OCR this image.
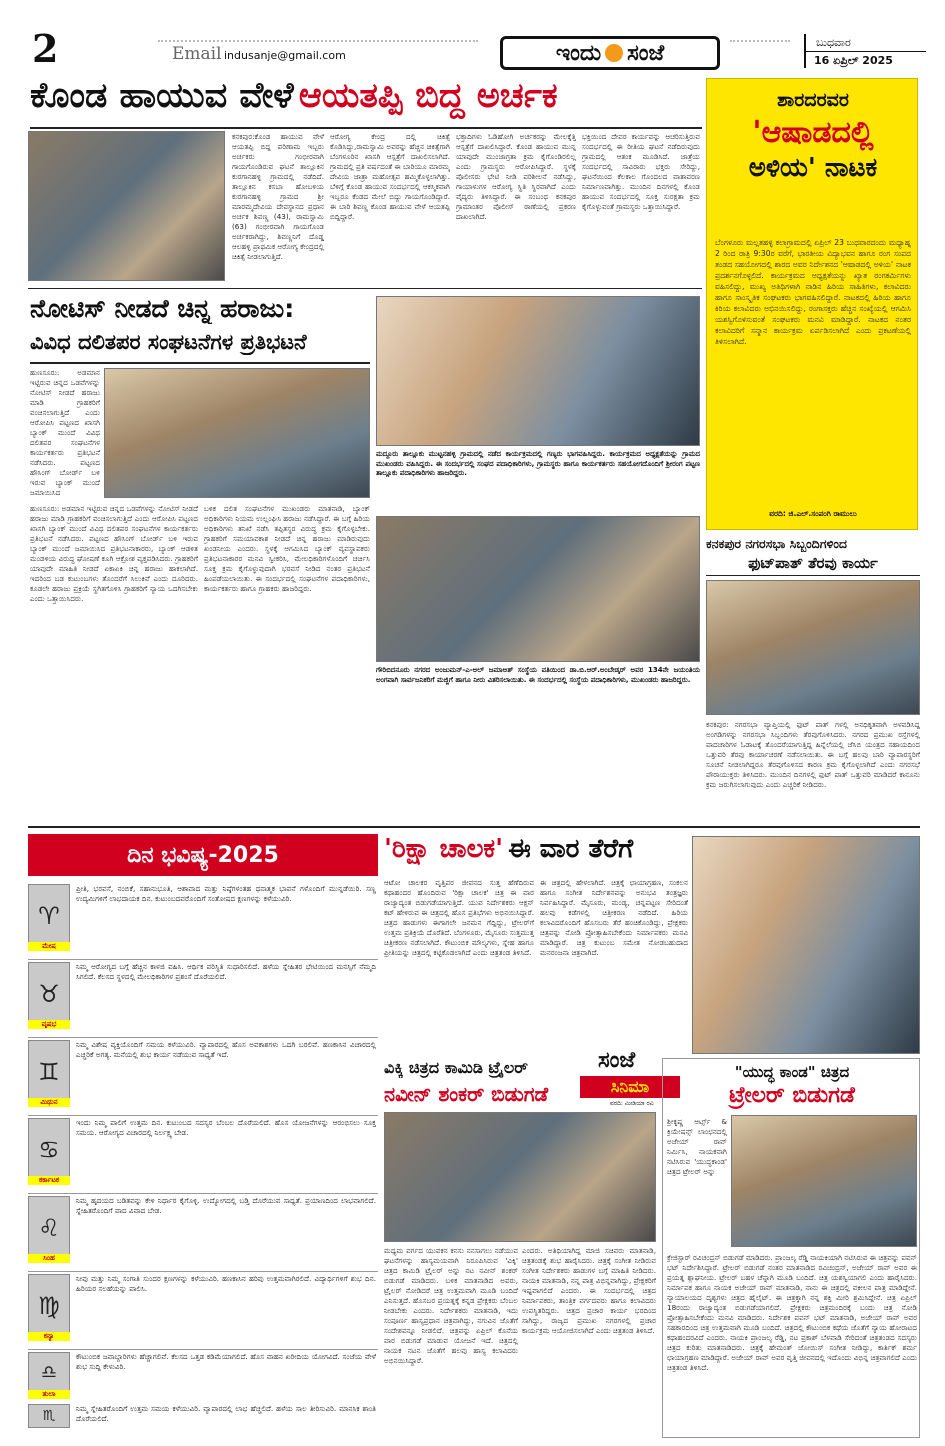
2	Email indusanje@gmail.com	ಇಂದು ಸಂಜೆ	ಬುಧವಾರ
16 ಏಪ್ರಿಲ್ 2025
ಕೊಂಡ ಹಾಯುವ ವೇಳೆ ಆಯತಪ್ಪಿ ಬಿದ್ದ ಅರ್ಚಕ
ಕನಕಪುರ:ಕೊಂಡ ಹಾಯುವ ವೇಳೆ ಆಯತಪ್ಪಿ ಬಿದ್ದ ಪರಿಣಾಮ ಇಬ್ಬರು ಅರ್ಚಕರು ಗಂಭೀರವಾಗಿ ಗಾಯಗೊಂಡಿರುವ ಘಟನೆ ತಾಲ್ಲೂಕಿನ ಕುರಗಾನಹಳ್ಳಿ ಗ್ರಾಮದಲ್ಲಿ ನಡೆದಿದೆ. ತಾಲ್ಲೂಕಿನ ಕಸಬಾ ಹೋಬಳಿಯ ಕುರಗಾನಹಳ್ಳಿ ಗ್ರಾಮದ ಶ್ರೀ ಮಾರಮ್ಮದೇವಿಯ ದೇವಸ್ಥಾನದ ಪ್ರಧಾನ ಅರ್ಚಕ ಶಿವಣ್ಣ (43), ರಾಮಸ್ವಾಮಿ (63) ಗಂಭೀರವಾಗಿ ಗಾಯಗೊಂಡ ಅರ್ಚಕರಾಗಿದ್ದು, ಶಿವಣ್ಣನಿಗೆ ದೊಡ್ಡ ಆಲಹಳ್ಳಿ ಪ್ರಾಥಮಿಕ ಆರೋಗ್ಯ ಕೇಂದ್ರದಲ್ಲಿ ಚಿಕಿತ್ಸೆ ನೀಡಲಾಗುತ್ತಿದೆ.
ಆರೋಗ್ಯ ಕೇಂದ್ರ ದಲ್ಲಿ ಚಿಕಿತ್ಸೆ ಕೊಡಿಸಿದ್ದು,ರಾಮಸ್ವಾಮಿ ಅವರನ್ನು ಹೆಚ್ಚಿನ ಚಿಕಿತ್ಸೆಗಾಗಿ ಬೆಂಗಳೂರಿನ ಖಾಸಗಿ ಆಸ್ಪತ್ರೆಗೆ ದಾಖಲಿಸಲಾಗಿದೆ. ಗ್ರಾಮದಲ್ಲಿ ಪ್ರತಿ ವರ್ಷದಂತೆ ಈ ಬಾರಿಯೂ ಮಾರಮ್ಮ ದೇವಿಯ ಜಾತ್ರಾ ಮಹೋತ್ಸವ ಹಮ್ಮಿಕೊಳ್ಳಲಾಗಿತ್ತು. ಬೆಳಿಗ್ಗೆ ಕೊಂಡ ಹಾಯುವ ಸಂದರ್ಭದಲ್ಲಿ ಆಕಸ್ಮಿಕವಾಗಿ ಇಬ್ಬರೂ ಕೆಂಡದ ಮೇಲೆ ಬಿದ್ದು ಗಾಯಗೊಂಡಿದ್ದಾರೆ. ಈ ಬಾರಿ ಶಿವಣ್ಣ ಕೊಂಡ ಹಾಯುವ ವೇಳೆ ಆಯತಪ್ಪಿ ಬಿದ್ದಿದ್ದಾರೆ.
ಭಕ್ತಾದಿಗಳು ಓಡಿಹೋಗಿ ಅರ್ಚಕರನ್ನು ಮೇಲಕ್ಕೆತ್ತಿ ಆಸ್ಪತ್ರೆಗೆ ದಾಖಲಿಸಿದ್ದಾರೆ. ಕೊಂಡ ಹಾಯುವ ಮುನ್ನ ಯಾವುದೇ ಮುಂಜಾಗ್ರತಾ ಕ್ರಮ ಕೈಗೊಂಡಿರಲಿಲ್ಲ ಎಂದು ಗ್ರಾಮಸ್ಥರು ಆರೋಪಿಸಿದ್ದಾರೆ. ಸ್ಥಳಕ್ಕೆ ಪೊಲೀಸರು ಭೇಟಿ ನೀಡಿ ಪರಿಶೀಲನೆ ನಡೆಸಿದ್ದು, ಗಾಯಾಳುಗಳ ಆರೋಗ್ಯ ಸ್ಥಿತಿ ಸ್ಥಿರವಾಗಿದೆ ಎಂದು ವೈದ್ಯರು ತಿಳಿಸಿದ್ದಾರೆ. ಈ ಸಂಬಂಧ ಕನಕಪುರ ಗ್ರಾಮಾಂತರ ಪೊಲೀಸ್ ಠಾಣೆಯಲ್ಲಿ ಪ್ರಕರಣ ದಾಖಲಾಗಿದೆ.
ಭಕ್ತಿಯಿಂದ ದೇವರ ಕಾರ್ಯವನ್ನು ಆಚರಿಸುತ್ತಿರುವ ಸಂದರ್ಭದಲ್ಲಿ ಈ ರೀತಿಯ ಘಟನೆ ನಡೆದಿರುವುದು ಗ್ರಾಮದಲ್ಲಿ ಆತಂಕ ಮೂಡಿಸಿದೆ. ಜಾತ್ರೆಯ ಸಂದರ್ಭದಲ್ಲಿ ಸಾವಿರಾರು ಭಕ್ತರು ಸೇರಿದ್ದು, ಘಟನೆಯಿಂದ ಕೆಲಕಾಲ ಗೊಂದಲದ ವಾತಾವರಣ ನಿರ್ಮಾಣವಾಗಿತ್ತು. ಮುಂದಿನ ದಿನಗಳಲ್ಲಿ ಕೊಂಡ ಹಾಯುವ ಸಂದರ್ಭದಲ್ಲಿ ಸೂಕ್ತ ಸುರಕ್ಷತಾ ಕ್ರಮ ಕೈಗೊಳ್ಳುವಂತೆ ಗ್ರಾಮಸ್ಥರು ಒತ್ತಾಯಿಸಿದ್ದಾರೆ.
ಶಾರದರವರ
'ಆಷಾಡದಲ್ಲಿ
ಅಳಿಯ' ನಾಟಕ
ಬೆಂಗಳೂರು ಮಲ್ಲತಹಳ್ಳಿ ಕಲಾಗ್ರಾಮದಲ್ಲಿ ಏಪ್ರಿಲ್ 23 ಬುಧವಾರದಂದು ಮಧ್ಯಾಹ್ನ 2 ರಿಂದ ರಾತ್ರಿ 9:30ರ ವರೆಗೆ, ಭಾರತೀಯ ವಿದ್ಯಾಭವನ ಹಾಗೂ ರಂಗ ಸಂಪದ ತಂಡದ ಸಹಯೋಗದಲ್ಲಿ ಶಾರದ ಅವರ ನಿರ್ದೇಶನದ 'ಆಷಾಡದಲ್ಲಿ ಅಳಿಯ' ನಾಟಕ ಪ್ರದರ್ಶನಗೊಳ್ಳಲಿದೆ. ಕಾರ್ಯಕ್ರಮದ ಅಧ್ಯಕ್ಷತೆಯನ್ನು ಖ್ಯಾತ ರಂಗಕರ್ಮಿಗಳು ವಹಿಸಲಿದ್ದು, ಮುಖ್ಯ ಅತಿಥಿಗಳಾಗಿ ನಾಡಿನ ಹಿರಿಯ ಸಾಹಿತಿಗಳು, ಕಲಾವಿದರು ಹಾಗೂ ಸಾಂಸ್ಕೃತಿಕ ಸಂಘಟಕರು ಭಾಗವಹಿಸಲಿದ್ದಾರೆ. ನಾಟಕದಲ್ಲಿ ಹಿರಿಯ ಹಾಗೂ ಕಿರಿಯ ಕಲಾವಿದರು ಅಭಿನಯಿಸಲಿದ್ದು, ರಂಗಾಸಕ್ತರು ಹೆಚ್ಚಿನ ಸಂಖ್ಯೆಯಲ್ಲಿ ಆಗಮಿಸಿ ಯಶಸ್ವಿಗೊಳಿಸುವಂತೆ ಸಂಘಟಕರು ಮನವಿ ಮಾಡಿದ್ದಾರೆ. ನಾಟಕದ ನಂತರ ಕಲಾವಿದರಿಗೆ ಸನ್ಮಾನ ಕಾರ್ಯಕ್ರಮ ಏರ್ಪಡಿಸಲಾಗಿದೆ ಎಂದು ಪ್ರಕಟಣೆಯಲ್ಲಿ ತಿಳಿಸಲಾಗಿದೆ.
ವರದಿ: ಜಿ.ಎಲ್.ಸಂಪಂಗಿ ರಾಮುಲು
ನೋಟಿಸ್ ನೀಡದೆ ಚಿನ್ನ ಹರಾಜು:
ವಿವಿಧ ದಲಿತಪರ ಸಂಘಟನೆಗಳ ಪ್ರತಿಭಟನೆ
ಹುಣಸೂರು: ಅಡಮಾನ ಇಟ್ಟಿರುವ ಚಿನ್ನದ ಒಡವೆಗಳನ್ನು ನೋಟಿಸ್ ನೀಡದೆ ಹರಾಜು ಮಾಡಿ ಗ್ರಾಹಕರಿಗೆ ವಂಚಿಸಲಾಗುತ್ತಿದೆ ಎಂದು ಆರೋಪಿಸಿ ಪಟ್ಟಣದ ಖಾಸಗಿ ಬ್ಯಾಂಕ್ ಮುಂದೆ ವಿವಿಧ ದಲಿತಪರ ಸಂಘಟನೆಗಳ ಕಾರ್ಯಕರ್ತರು ಪ್ರತಿಭಟನೆ ನಡೆಸಿದರು. ಪಟ್ಟಣದ ಹೌಸಿಂಗ್ ಬೋರ್ಡ್ ಬಳಿ ಇರುವ ಬ್ಯಾಂಕ್ ಮುಂದೆ ಜಮಾಯಿಸಿದ
ಹುಣಸೂರು: ಅಡಮಾನ ಇಟ್ಟಿರುವ ಚಿನ್ನದ ಒಡವೆಗಳನ್ನು ನೋಟಿಸ್ ನೀಡದೆ ಹರಾಜು ಮಾಡಿ ಗ್ರಾಹಕರಿಗೆ ವಂಚಿಸಲಾಗುತ್ತಿದೆ ಎಂದು ಆರೋಪಿಸಿ ಪಟ್ಟಣದ ಖಾಸಗಿ ಬ್ಯಾಂಕ್ ಮುಂದೆ ವಿವಿಧ ದಲಿತಪರ ಸಂಘಟನೆಗಳ ಕಾರ್ಯಕರ್ತರು ಪ್ರತಿಭಟನೆ ನಡೆಸಿದರು. ಪಟ್ಟಣದ ಹೌಸಿಂಗ್ ಬೋರ್ಡ್ ಬಳಿ ಇರುವ ಬ್ಯಾಂಕ್ ಮುಂದೆ ಜಮಾಯಿಸಿದ ಪ್ರತಿಭಟನಾಕಾರರು, ಬ್ಯಾಂಕ್ ಆಡಳಿತ ಮಂಡಳಿಯ ವಿರುದ್ಧ ಘೋಷಣೆ ಕೂಗಿ ಆಕ್ರೋಶ ವ್ಯಕ್ತಪಡಿಸಿದರು. ಗ್ರಾಹಕರಿಗೆ ಯಾವುದೇ ಮಾಹಿತಿ ನೀಡದೆ ಏಕಾಏಕಿ ಚಿನ್ನ ಹರಾಜು ಹಾಕಲಾಗಿದೆ. ಇದರಿಂದ ಬಡ ಕುಟುಂಬಗಳು ತೊಂದರೆಗೆ ಸಿಲುಕಿವೆ ಎಂದು ದೂರಿದರು. ಕೂಡಲೇ ಹರಾಜು ಪ್ರಕ್ರಿಯೆ ಸ್ಥಗಿತಗೊಳಿಸಿ ಗ್ರಾಹಕರಿಗೆ ನ್ಯಾಯ ಒದಗಿಸಬೇಕು ಎಂದು ಒತ್ತಾಯಿಸಿದರು.
ಬಳಿಕ ದಲಿತ ಸಂಘಟನೆಗಳ ಮುಖಂಡರು ಮಾತನಾಡಿ, ಬ್ಯಾಂಕ್ ಅಧಿಕಾರಿಗಳು ನಿಯಮ ಉಲ್ಲಂಘಿಸಿ ಹರಾಜು ನಡೆಸಿದ್ದಾರೆ. ಈ ಬಗ್ಗೆ ಹಿರಿಯ ಅಧಿಕಾರಿಗಳು ತನಿಖೆ ನಡೆಸಿ ತಪ್ಪಿತಸ್ಥರ ವಿರುದ್ಧ ಕ್ರಮ ಕೈಗೊಳ್ಳಬೇಕು. ಗ್ರಾಹಕರಿಗೆ ಸಮಯಾವಕಾಶ ನೀಡದೆ ಚಿನ್ನ ಹರಾಜು ಮಾಡಿರುವುದು ಖಂಡನೀಯ ಎಂದರು. ಸ್ಥಳಕ್ಕೆ ಆಗಮಿಸಿದ ಬ್ಯಾಂಕ್ ವ್ಯವಸ್ಥಾಪಕರು ಪ್ರತಿಭಟನಾಕಾರರ ಮನವಿ ಸ್ವೀಕರಿಸಿ, ಮೇಲಧಿಕಾರಿಗಳೊಂದಿಗೆ ಚರ್ಚಿಸಿ ಸೂಕ್ತ ಕ್ರಮ ಕೈಗೊಳ್ಳುವುದಾಗಿ ಭರವಸೆ ನೀಡಿದ ನಂತರ ಪ್ರತಿಭಟನೆ ಹಿಂಪಡೆಯಲಾಯಿತು. ಈ ಸಂದರ್ಭದಲ್ಲಿ ಸಂಘಟನೆಗಳ ಪದಾಧಿಕಾರಿಗಳು, ಕಾರ್ಯಕರ್ತರು ಹಾಗೂ ಗ್ರಾಹಕರು ಹಾಜರಿದ್ದರು.
ಮದ್ದೂರು ತಾಲ್ಲೂಕು ಮುಟ್ಟನಹಳ್ಳಿ ಗ್ರಾಮದಲ್ಲಿ ನಡೆದ ಕಾರ್ಯಕ್ರಮದಲ್ಲಿ ಗಣ್ಯರು ಭಾಗವಹಿಸಿದ್ದರು. ಕಾರ್ಯಕ್ರಮದ ಅಧ್ಯಕ್ಷತೆಯನ್ನು ಗ್ರಾಮದ ಮುಖಂಡರು ವಹಿಸಿದ್ದರು. ಈ ಸಂದರ್ಭದಲ್ಲಿ ಸಂಘದ ಪದಾಧಿಕಾರಿಗಳು, ಗ್ರಾಮಸ್ಥರು ಹಾಗೂ ಕಾರ್ಯಕರ್ತರು ಸಹಯೋಗದೊಂದಿಗೆ ಶ್ರೀರಂಗ ಪಟ್ಟಣ ತಾಲ್ಲೂಕು ಪದಾಧಿಕಾರಿಗಳು ಹಾಜರಿದ್ದರು.
ಗೌರಿಬಿದನೂರು ನಗರದ ಅಂಜುಮನ್-ಎ-ಅಲ್ ಜಮಾಅತ್ ಸಂಸ್ಥೆಯ ವತಿಯಿಂದ ಡಾ.ಬಿ.ಆರ್.ಅಂಬೇಡ್ಕರ್ ಅವರ 134ನೇ ಜಯಂತಿಯ ಅಂಗವಾಗಿ ಸಾರ್ವಜನಿಕರಿಗೆ ಮಜ್ಜಿಗೆ ಹಾಗೂ ನೀರು ವಿತರಿಸಲಾಯಿತು. ಈ ಸಂದರ್ಭದಲ್ಲಿ ಸಂಸ್ಥೆಯ ಪದಾಧಿಕಾರಿಗಳು, ಮುಖಂಡರು ಹಾಜರಿದ್ದರು.
ಕನಕಪುರ ನಗರಸಭಾ ಸಿಬ್ಬಂದಿಗಳಿಂದ
ಫುಟ್‌ಪಾತ್ ತೆರವು ಕಾರ್ಯ
ಕನಕಪುರ: ನಗರಸಭಾ ವ್ಯಾಪ್ತಿಯಲ್ಲಿ ಫುಟ್ ಪಾತ್ ಗಳಲ್ಲಿ ಅನಧಿಕೃತವಾಗಿ ಅಳವಡಿಸಿದ್ದ ಅಂಗಡಿಗಳನ್ನು ನಗರಸಭಾ ಸಿಬ್ಬಂದಿಗಳು ತೆರವುಗೊಳಿಸಿದರು. ನಗರದ ಪ್ರಮುಖ ರಸ್ತೆಗಳಲ್ಲಿ ಪಾದಚಾರಿಗಳ ಓಡಾಟಕ್ಕೆ ತೊಂದರೆಯಾಗುತ್ತಿದ್ದ ಹಿನ್ನೆಲೆಯಲ್ಲಿ ಜೆಸಿಬಿ ಯಂತ್ರದ ಸಹಾಯದಿಂದ ಒತ್ತುವರಿ ತೆರವು ಕಾರ್ಯಾಚರಣೆ ನಡೆಸಲಾಯಿತು. ಈ ಬಗ್ಗೆ ಹಲವು ಬಾರಿ ವ್ಯಾಪಾರಸ್ಥರಿಗೆ ಸೂಚನೆ ನೀಡಲಾಗಿದ್ದರೂ ತೆರವುಗೊಳಿಸದ ಕಾರಣ ಕ್ರಮ ಕೈಗೊಳ್ಳಲಾಗಿದೆ ಎಂದು ನಗರಸಭೆ ಪೌರಾಯುಕ್ತರು ತಿಳಿಸಿದರು. ಮುಂದಿನ ದಿನಗಳಲ್ಲಿ ಫುಟ್ ಪಾತ್ ಒತ್ತುವರಿ ಮಾಡಿದರೆ ಕಾನೂನು ಕ್ರಮ ಜರುಗಿಸಲಾಗುವುದು ಎಂದು ಎಚ್ಚರಿಕೆ ನೀಡಿದರು.
ದಿನ ಭವಿಷ್ಯ-2025
♈
ಮೇಷ
ಪ್ರೀತಿ, ಭರವಸೆ, ನಂಬಿಕೆ, ಸಹಾನುಭೂತಿ, ಆಶಾವಾದ ಮತ್ತು ನಿಷ್ಠೆಗಳಂತಹ ಧನಾತ್ಮಕ ಭಾವನೆ ಗಳೊಂದಿಗೆ ಮುನ್ನಡೆಯಿರಿ. ಸಣ್ಣ ಉದ್ಯಮಿಗಳಿಗೆ ಲಾಭದಾಯಕ ದಿನ. ಕುಟುಂಬದವರೊಂದಿಗೆ ಸಂತೋಷದ ಕ್ಷಣಗಳನ್ನು ಕಳೆಯುವಿರಿ.
♉
ವೃಷಭ
ನಿಮ್ಮ ಆರೋಗ್ಯದ ಬಗ್ಗೆ ಹೆಚ್ಚಿನ ಕಾಳಜಿ ವಹಿಸಿ. ಆರ್ಥಿಕ ಪರಿಸ್ಥಿತಿ ಸುಧಾರಿಸಲಿದೆ. ಹಳೆಯ ಸ್ನೇಹಿತರ ಭೇಟಿಯಿಂದ ಮನಸ್ಸಿಗೆ ನೆಮ್ಮದಿ ಸಿಗಲಿದೆ. ಕೆಲಸದ ಸ್ಥಳದಲ್ಲಿ ಮೇಲಧಿಕಾರಿಗಳ ಪ್ರಶಂಸೆ ದೊರೆಯಲಿದೆ.
♊
ಮಿಥುನ
ನಿಮ್ಮ ವಿಶೇಷ ವ್ಯಕ್ತಿಯೊಂದಿಗೆ ಸಮಯ ಕಳೆಯುವಿರಿ. ವ್ಯಾಪಾರದಲ್ಲಿ ಹೊಸ ಅವಕಾಶಗಳು ಒದಗಿ ಬರಲಿವೆ. ಹಣಕಾಸಿನ ವಿಚಾರದಲ್ಲಿ ಎಚ್ಚರಿಕೆ ಅಗತ್ಯ. ಮನೆಯಲ್ಲಿ ಶುಭ ಕಾರ್ಯ ನಡೆಯುವ ಸಾಧ್ಯತೆ ಇದೆ.
♋
ಕರ್ಕಾಟಕ
ಇಂದು ನಿಮ್ಮ ಪಾಲಿಗೆ ಉತ್ತಮ ದಿನ. ಕುಟುಂಬದ ಸದಸ್ಯರ ಬೆಂಬಲ ದೊರೆಯಲಿದೆ. ಹೊಸ ಯೋಜನೆಗಳನ್ನು ಆರಂಭಿಸಲು ಸೂಕ್ತ ಸಮಯ. ಆರೋಗ್ಯದ ವಿಚಾರದಲ್ಲಿ ನಿರ್ಲಕ್ಷ್ಯ ಬೇಡ.
♌
ಸಿಂಹ
ನಿಮ್ಮ ಹೃದಯದ ಬಡಿತವನ್ನು ಕೇಳಿ ನಿರ್ಧಾರ ಕೈಗೊಳ್ಳಿ. ಉದ್ಯೋಗದಲ್ಲಿ ಬಡ್ತಿ ದೊರೆಯುವ ಸಾಧ್ಯತೆ. ಪ್ರಯಾಣದಿಂದ ಲಾಭವಾಗಲಿದೆ. ಸ್ನೇಹಿತರೊಂದಿಗೆ ವಾದ ವಿವಾದ ಬೇಡ.
♍
ಕನ್ಯಾ
ನೀವು ಮತ್ತು ನಿಮ್ಮ ಸಂಗಾತಿ ಸುಂದರ ಕ್ಷಣಗಳನ್ನು ಕಳೆಯುವಿರಿ. ಹಣಕಾಸಿನ ಹರಿವು ಉತ್ತಮವಾಗಿರಲಿದೆ. ವಿದ್ಯಾರ್ಥಿಗಳಿಗೆ ಶುಭ ದಿನ. ಹಿರಿಯರ ಸಲಹೆಯನ್ನು ಪಾಲಿಸಿ.
♎
ತುಲಾ
ಕೌಟುಂಬಿಕ ಜವಾಬ್ದಾರಿಗಳು ಹೆಚ್ಚಾಗಲಿವೆ. ಕೆಲಸದ ಒತ್ತಡ ಕಡಿಮೆಯಾಗಲಿದೆ. ಹೊಸ ವಾಹನ ಖರೀದಿಯ ಯೋಗವಿದೆ. ಸಂಜೆಯ ವೇಳೆ ಶುಭ ಸುದ್ದಿ ಕೇಳುವಿರಿ.
♏	ನಿಮ್ಮ ಸ್ನೇಹಿತರೊಂದಿಗೆ ಉತ್ತಮ ಸಮಯ ಕಳೆಯುವಿರಿ. ವ್ಯಾಪಾರದಲ್ಲಿ ಲಾಭ ಹೆಚ್ಚಲಿದೆ. ಹಳೆಯ ಸಾಲ ತೀರಿಸುವಿರಿ. ಮಾನಸಿಕ ಶಾಂತಿ ದೊರೆಯಲಿದೆ.
'ರಿಕ್ಷಾ ಚಾಲಕ' ಈ ವಾರ ತೆರೆಗೆ
ಆಟೋ ಚಾಲಕರ ವೃತ್ತಿಪರ ಜೀವನದ ಸುತ್ತ ಹೆಣೆದಿರುವ ಕಥಾಹಂದರ ಹೊಂದಿರುವ 'ರಿಕ್ಷಾ ಚಾಲಕ' ಚಿತ್ರ ಈ ವಾರ ರಾಜ್ಯಾದ್ಯಂತ ಬಿಡುಗಡೆಯಾಗುತ್ತಿದೆ. ಯುವ ನಿರ್ದೇಶಕರು ಆಕ್ಷನ್ ಕಟ್ ಹೇಳಿರುವ ಈ ಚಿತ್ರದಲ್ಲಿ ಹೊಸ ಪ್ರತಿಭೆಗಳು ಅಭಿನಯಿಸಿದ್ದಾರೆ. ಚಿತ್ರದ ಹಾಡುಗಳು ಈಗಾಗಲೇ ಜನಮನ ಗೆದ್ದಿದ್ದು, ಟ್ರೇಲರ್‌ಗೆ ಉತ್ತಮ ಪ್ರತಿಕ್ರಿಯೆ ದೊರೆತಿದೆ. ಬೆಂಗಳೂರು, ಮೈಸೂರು ಸುತ್ತಮುತ್ತ ಚಿತ್ರೀಕರಣ ನಡೆಸಲಾಗಿದೆ. ಕೌಟುಂಬಿಕ ಮೌಲ್ಯಗಳು, ಸ್ನೇಹ ಹಾಗೂ ಪ್ರೀತಿಯನ್ನು ಚಿತ್ರದಲ್ಲಿ ಕಟ್ಟಿಕೊಡಲಾಗಿದೆ ಎಂದು ಚಿತ್ರತಂಡ ತಿಳಿಸಿದೆ.
ಈ ಚಿತ್ರದಲ್ಲಿ ಹೇಳಲಾಗಿದೆ. ಚಿತ್ರಕ್ಕೆ ಛಾಯಾಗ್ರಹಣ, ಸಂಕಲನ ಹಾಗೂ ಸಂಗೀತ ನಿರ್ದೇಶನವನ್ನು ಅನುಭವಿ ತಂತ್ರಜ್ಞರು ನಿರ್ವಹಿಸಿದ್ದಾರೆ. ಮೈಸೂರು, ಮಂಡ್ಯ, ಚನ್ನಪಟ್ಟಣ ಸೇರಿದಂತೆ ಹಲವು ಕಡೆಗಳಲ್ಲಿ ಚಿತ್ರೀಕರಣ ನಡೆದಿದೆ. ಹಿರಿಯ ಕಲಾವಿದರೊಂದಿಗೆ ಹೊಸಬರು ತೆರೆ ಹಂಚಿಕೊಂಡಿದ್ದು, ಪ್ರೇಕ್ಷಕರು ಚಿತ್ರವನ್ನು ನೋಡಿ ಪ್ರೋತ್ಸಾಹಿಸಬೇಕೆಂದು ನಿರ್ಮಾಪಕರು ಮನವಿ ಮಾಡಿದ್ದಾರೆ. ಚಿತ್ರ ಕುಟುಂಬ ಸಮೇತ ನೋಡಬಹುದಾದ ಮನರಂಜನಾ ಚಿತ್ರವಾಗಿದೆ.
ಸಂಜೆ
ಸಿನಿಮಾ
ವರದಿ: ಮೀಡಿಯಾ ರವಿ
ವಿಕ್ಕಿ ಚಿತ್ರದ ಕಾಮಿಡಿ ಟ್ರೈಲರ್
ನವೀನ್ ಶಂಕರ್ ಬಿಡುಗಡೆ
ಮಧ್ಯಮ ವರ್ಗದ ಯುವಕನ ಕನಸು ನನಸಾಗಲು ನಡೆಯುವ ಘಟನೆಗಳನ್ನು ಹಾಸ್ಯಮಯವಾಗಿ ನಿರೂಪಿಸಿರುವ 'ವಿಕ್ಕಿ' ಚಿತ್ರದ ಕಾಮಿಡಿ ಟ್ರೈಲರ್ ಅನ್ನು ನಟ ನವೀನ್ ಶಂಕರ್ ಬಿಡುಗಡೆ ಮಾಡಿದರು. ಬಳಿಕ ಮಾತನಾಡಿದ ಅವರು, ಟ್ರೈಲರ್ ನೋಡಿದರೆ ಚಿತ್ರ ಉತ್ತಮವಾಗಿ ಮೂಡಿ ಬಂದಿದೆ ಎನಿಸುತ್ತದೆ. ಹೊಸಬರ ಪ್ರಯತ್ನಕ್ಕೆ ಕನ್ನಡ ಪ್ರೇಕ್ಷಕರು ಬೆಂಬಲ ನೀಡಬೇಕು ಎಂದರು. ನಿರ್ದೇಶಕರು ಮಾತನಾಡಿ, ಇದು ಸಂಪೂರ್ಣ ಹಾಸ್ಯಪ್ರಧಾನ ಚಿತ್ರವಾಗಿದ್ದು, ನಗುವಿನ ಜೊತೆಗೆ ಸಂದೇಶವನ್ನೂ ನೀಡಲಿದೆ. ಚಿತ್ರವನ್ನು ಏಪ್ರಿಲ್ ಕೊನೆಯ ವಾರ ಬಿಡುಗಡೆ ಮಾಡುವ ಯೋಜನೆ ಇದೆ. ಚಿತ್ರದಲ್ಲಿ ನಾಯಕ ನಟನ ಜೊತೆಗೆ ಹಲವು ಹಾಸ್ಯ ಕಲಾವಿದರು ಅಭಿನಯಿಸಿದ್ದಾರೆ.
ಎಂದರು. ಅತಿಥಿಯಾಗಿದ್ದ ಮಾಜಿ ಸಚಿವರು ಮಾತನಾಡಿ, ಚಿತ್ರತಂಡಕ್ಕೆ ಶುಭ ಹಾರೈಸಿದರು. ಚಿತ್ರಕ್ಕೆ ಸಂಗೀತ ನೀಡಿರುವ ಸಂಗೀತ ನಿರ್ದೇಶಕರು ಹಾಡುಗಳ ಬಗ್ಗೆ ಮಾಹಿತಿ ನೀಡಿದರು. ನಾಯಕಿ ಮಾತನಾಡಿ, ನನ್ನ ಪಾತ್ರ ವಿಭಿನ್ನವಾಗಿದ್ದು, ಪ್ರೇಕ್ಷಕರಿಗೆ ಇಷ್ಟವಾಗಲಿದೆ ಎಂದರು. ಈ ಸಂದರ್ಭದಲ್ಲಿ ಚಿತ್ರದ ನಿರ್ಮಾಪಕರು, ತಾಂತ್ರಿಕ ವರ್ಗದವರು ಹಾಗೂ ಕಲಾವಿದರು ಉಪಸ್ಥಿತರಿದ್ದರು. ಚಿತ್ರದ ಪ್ರಚಾರ ಕಾರ್ಯ ಭರದಿಂದ ಸಾಗಿದ್ದು, ರಾಜ್ಯದ ಪ್ರಮುಖ ನಗರಗಳಲ್ಲಿ ಪ್ರಚಾರ ಕಾರ್ಯಕ್ರಮ ಆಯೋಜಿಸಲಾಗಿದೆ ಎಂದು ಚಿತ್ರತಂಡ ತಿಳಿಸಿದೆ.
"ಯುದ್ಧ ಕಾಂಡ" ಚಿತ್ರದ
ಟ್ರೇಲರ್ ಬಿಡುಗಡೆ
ಶ್ರೀಕೃಷ್ಣ ಆರ್ಟ್ಸ್ & ಕ್ರಿಯೇಷನ್ಸ್ ಲಾಂಛನದಲ್ಲಿ ಅಜೇಯ್ ರಾವ್ ನಿರ್ಮಿಸಿ, ನಾಯಕನಾಗಿ ನಟಿಸಿರುವ 'ಯುದ್ಧಕಾಂಡ' ಚಿತ್ರದ ಟ್ರೇಲರ್ ಅನ್ನು
ಕ್ರೇಜಿಸ್ಟಾರ್ ರವಿಚಂದ್ರನ್ ಬಿಡುಗಡೆ ಮಾಡಿದರು. ಪ್ರಾಂಜಲ್ಯ ರೆಡ್ಡಿ ನಾಯಕಿಯಾಗಿ ನಟಿಸಿರುವ ಈ ಚಿತ್ರವನ್ನು ಪವನ್ ಭಟ್ ನಿರ್ದೇಶಿಸಿದ್ದಾರೆ. ಟ್ರೇಲರ್ ಬಿಡುಗಡೆ ನಂತರ ಮಾತನಾಡಿದ ರವಿಚಂದ್ರನ್, ಅಜೇಯ್ ರಾವ್ ಅವರ ಈ ಪ್ರಯತ್ನ ಶ್ಲಾಘನೀಯ. ಟ್ರೇಲರ್ ಬಹಳ ಚೆನ್ನಾಗಿ ಮೂಡಿ ಬಂದಿದೆ. ಚಿತ್ರ ಯಶಸ್ವಿಯಾಗಲಿ ಎಂದು ಹಾರೈಸಿದರು. ನಿರ್ಮಾಪಕ ಹಾಗೂ ನಾಯಕ ಅಜೇಯ್ ರಾವ್ ಮಾತನಾಡಿ, ನಾನು ಈ ಚಿತ್ರದಲ್ಲಿ ವಕೀಲನ ಪಾತ್ರ ಮಾಡಿದ್ದೇನೆ. ನ್ಯಾಯಾಲಯದ ದೃಶ್ಯಗಳು ಚಿತ್ರದ ಹೈಲೈಟ್. ಈ ಚಿತ್ರಕ್ಕಾಗಿ ನನ್ನ ಶಕ್ತಿ ಮೀರಿ ಶ್ರಮಿಸಿದ್ದೇನೆ. ಚಿತ್ರ ಏಪ್ರಿಲ್ 18ರಂದು ರಾಜ್ಯಾದ್ಯಂತ ಬಿಡುಗಡೆಯಾಗಲಿದೆ. ಪ್ರೇಕ್ಷಕರು ಚಿತ್ರಮಂದಿರಕ್ಕೆ ಬಂದು ಚಿತ್ರ ನೋಡಿ ಪ್ರೋತ್ಸಾಹಿಸಬೇಕೆಂದು ಮನವಿ ಮಾಡಿದರು. ನಿರ್ದೇಶಕ ಪವನ್ ಭಟ್ ಮಾತನಾಡಿ, ಅಜೇಯ್ ರಾವ್ ಅವರ ಸಹಕಾರದಿಂದ ಚಿತ್ರ ಉತ್ತಮವಾಗಿ ಮೂಡಿ ಬಂದಿದೆ. ಚಿತ್ರದಲ್ಲಿ ಕೌಟುಂಬಿಕ ಕಥೆಯ ಜೊತೆಗೆ ನ್ಯಾಯ ಹೋರಾಟದ ಕಥಾಹಂದರವಿದೆ ಎಂದರು. ನಾಯಕಿ ಪ್ರಾಂಜಲ್ಯ ರೆಡ್ಡಿ, ನಟ ಪ್ರಕಾಶ್ ಬೆಳವಾಡಿ ಸೇರಿದಂತೆ ಚಿತ್ರತಂಡದ ಸದಸ್ಯರು ಚಿತ್ರದ ಕುರಿತು ಮಾತನಾಡಿದರು. ಚಿತ್ರಕ್ಕೆ ಹೇಮಂತ್ ಜೋಯಿಸ್ ಸಂಗೀತ ನೀಡಿದ್ದು, ಕಾರ್ತಿಕ್ ಶರ್ಮ ಛಾಯಾಗ್ರಹಣ ಮಾಡಿದ್ದಾರೆ. ಅಜೇಯ್ ರಾವ್ ಅವರ ವೃತ್ತಿ ಜೀವನದಲ್ಲಿ ಇದೊಂದು ವಿಭಿನ್ನ ಚಿತ್ರವಾಗಲಿದೆ ಎಂದು ಚಿತ್ರತಂಡ ತಿಳಿಸಿದೆ.
